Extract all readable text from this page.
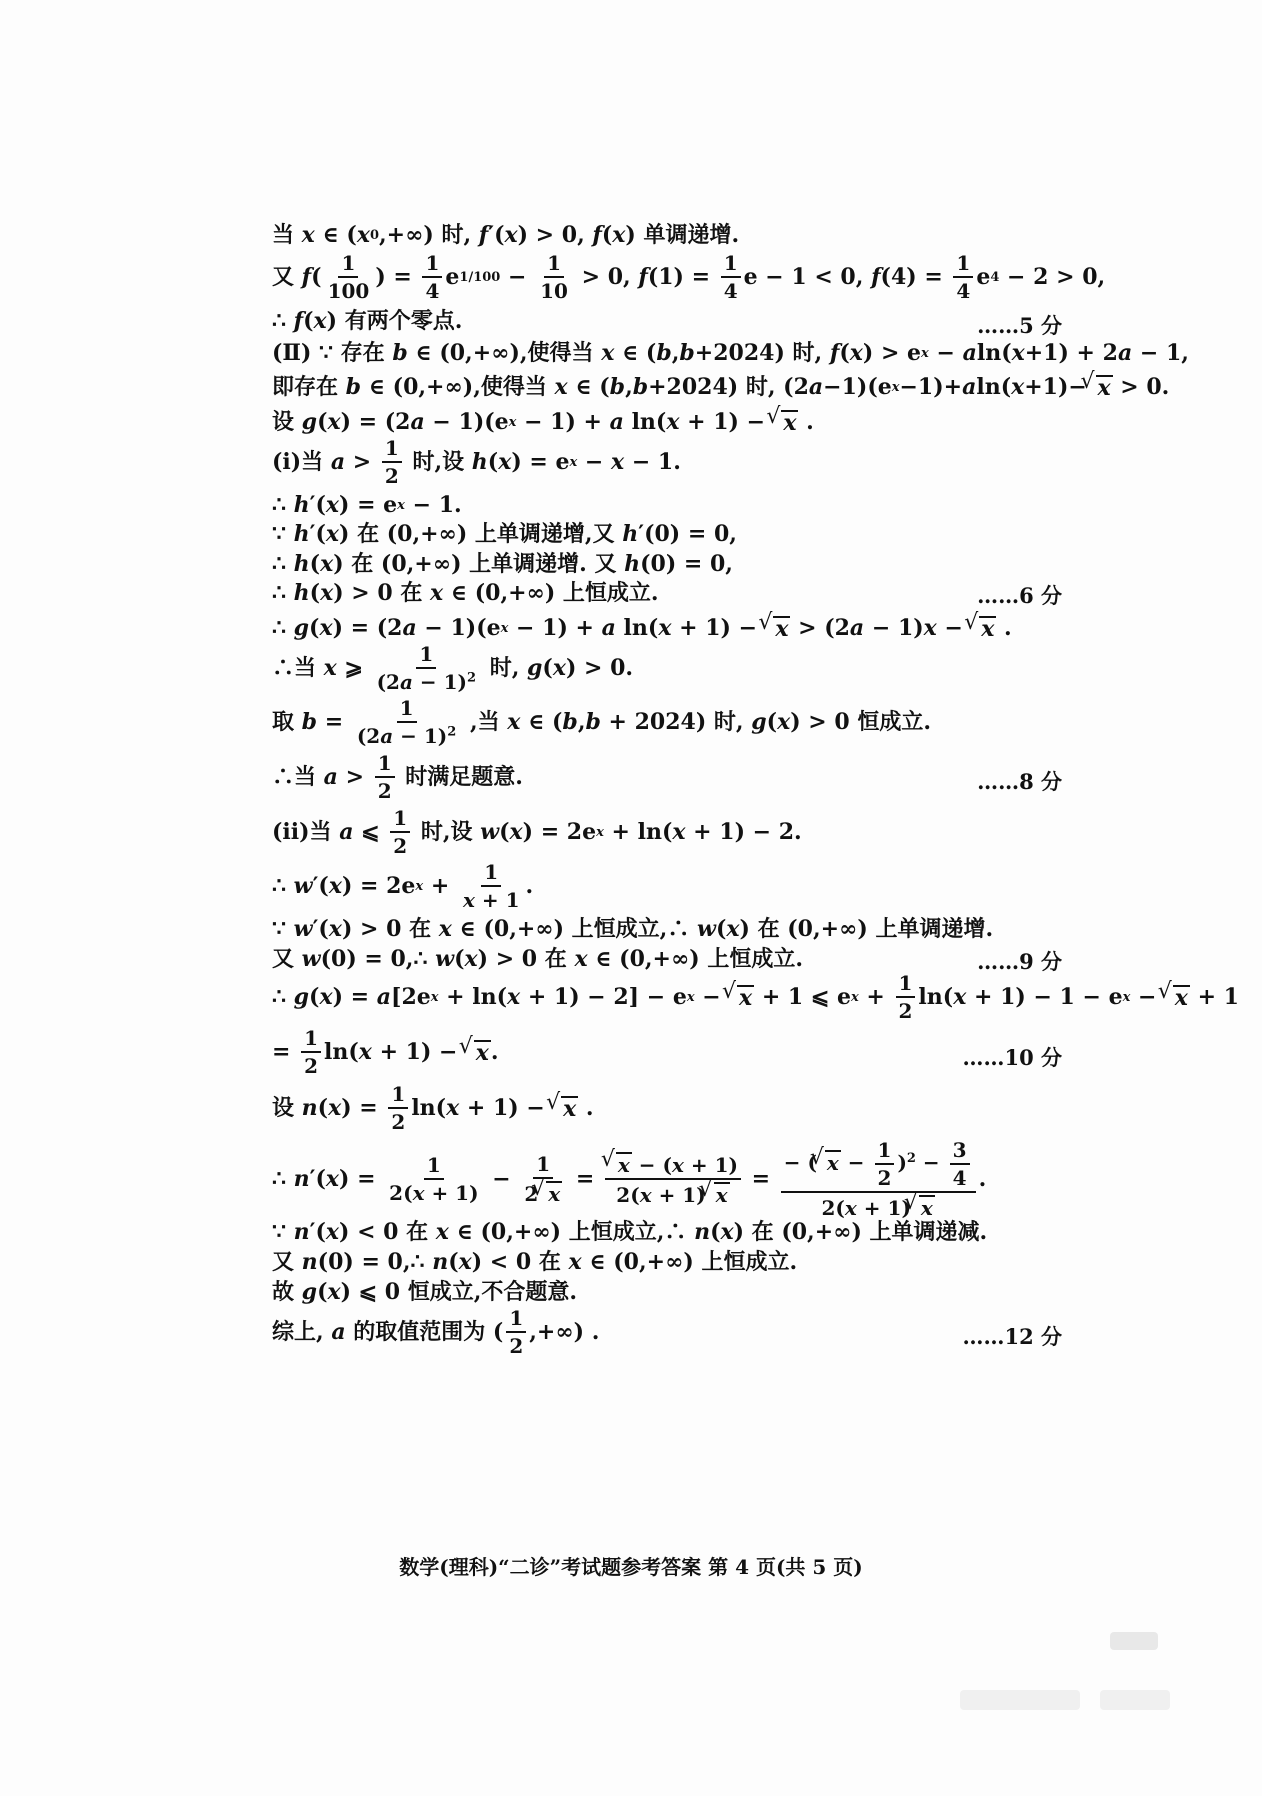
当 x ∈ ( x 0 ,+∞) 时, f ′( x ) > 0, f ( x ) 单调递增.
又 f ( $\frac{1}{100}$ ) = $\frac{1}{4}$ e $1/100 - \frac{1}{10} > 0$, f $(1) = \frac{1}{4}$ e − 1 < 0, f $(4) = \frac{1}{4}$ e 4 − 2 > 0,
∴ f ( x ) 有两个零点.	……5 分
(Ⅱ) ∵ 存在 b ∈ (0,+∞),使得当 x ∈ ( b , b +2024) 时, f ( x ) > e x − a ln( x +1) + 2 a − 1,
即存在 b ∈ (0,+∞),使得当 x ∈ ( b , b +2024) 时, (2 a −1)(e x −1)+ a ln( x +1)− √ x > 0.
设 g ( x ) = (2 a − 1)(e x − 1) + a ln( x + 1) − √ x .
(i)当 $a > \frac{1}{2}$ 时,设 h ( x ) = e x − x − 1.
∴ h ′( x ) = e x − 1.
∵ h ′( x ) 在 (0,+∞) 上单调递增,又 h ′(0) = 0,
∴ h ( x ) 在 (0,+∞) 上单调递增. 又 h (0) = 0,
∴ h ( x ) > 0 在 x ∈ (0,+∞) 上恒成立.	……6 分
∴ g ( x ) = (2 a − 1)(e x − 1) + a ln( x + 1) − √ x > (2 a − 1) x − √ x .
∴当 x ⩾ $\frac{1}{(2a - 1)^2}$ 时, g ( x ) > 0.
取 $b = \frac{1}{(2a - 1)^2}$ ,当 x ∈ ( b , b + 2024) 时, g ( x ) > 0 恒成立.
∴当 $a > \frac{1}{2}$ 时满足题意.	……8 分
(ii)当 a ⩽ $\frac{1}{2}$ 时,设 w ( x ) = 2e x + ln( x + 1) − 2.
∴ w ′( x ) = 2e $x + \frac{1}{x + 1}$ .
∵ w ′( x ) > 0 在 x ∈ (0,+∞) 上恒成立,∴ w ( x ) 在 (0,+∞) 上单调递增.
又 w (0) = 0,∴ w ( x ) > 0 在 x ∈ (0,+∞) 上恒成立.	……9 分
∴ g ( x ) = a [2e x + ln( x + 1) − 2] − e x − √ x + 1 ⩽ e $x + \frac{1}{2} \ln$( x + 1) − 1 − e x − √ x + 1
= $\frac{1}{2} \ln$( x + 1) − √ x .	……10 分
设 n ( x ) = $\frac{1}{2} \ln$( x + 1) − √ x .
∴ n ′( x ) = $\frac{1}{2(x + 1)} - \frac{1}{2 √ x}$ = √ $\frac{x - (x + 1)}{2(x + 1) √ x} = \frac{- ( √ x - \frac{1}{2} )^2 - \frac{3}{4}}{2(x + 1) √ x}$ .
∵ n ′( x ) < 0 在 x ∈ (0,+∞) 上恒成立,∴ n ( x ) 在 (0,+∞) 上单调递减.
又 n (0) = 0,∴ n ( x ) < 0 在 x ∈ (0,+∞) 上恒成立.
故 g ( x ) ⩽ 0 恒成立,不合题意.
综上, a 的取值范围为 ( $\frac{1}{2}$ ,+∞) .	……12 分
数学(理科)“二诊”考试题参考答案 第 4 页(共 5 页)
